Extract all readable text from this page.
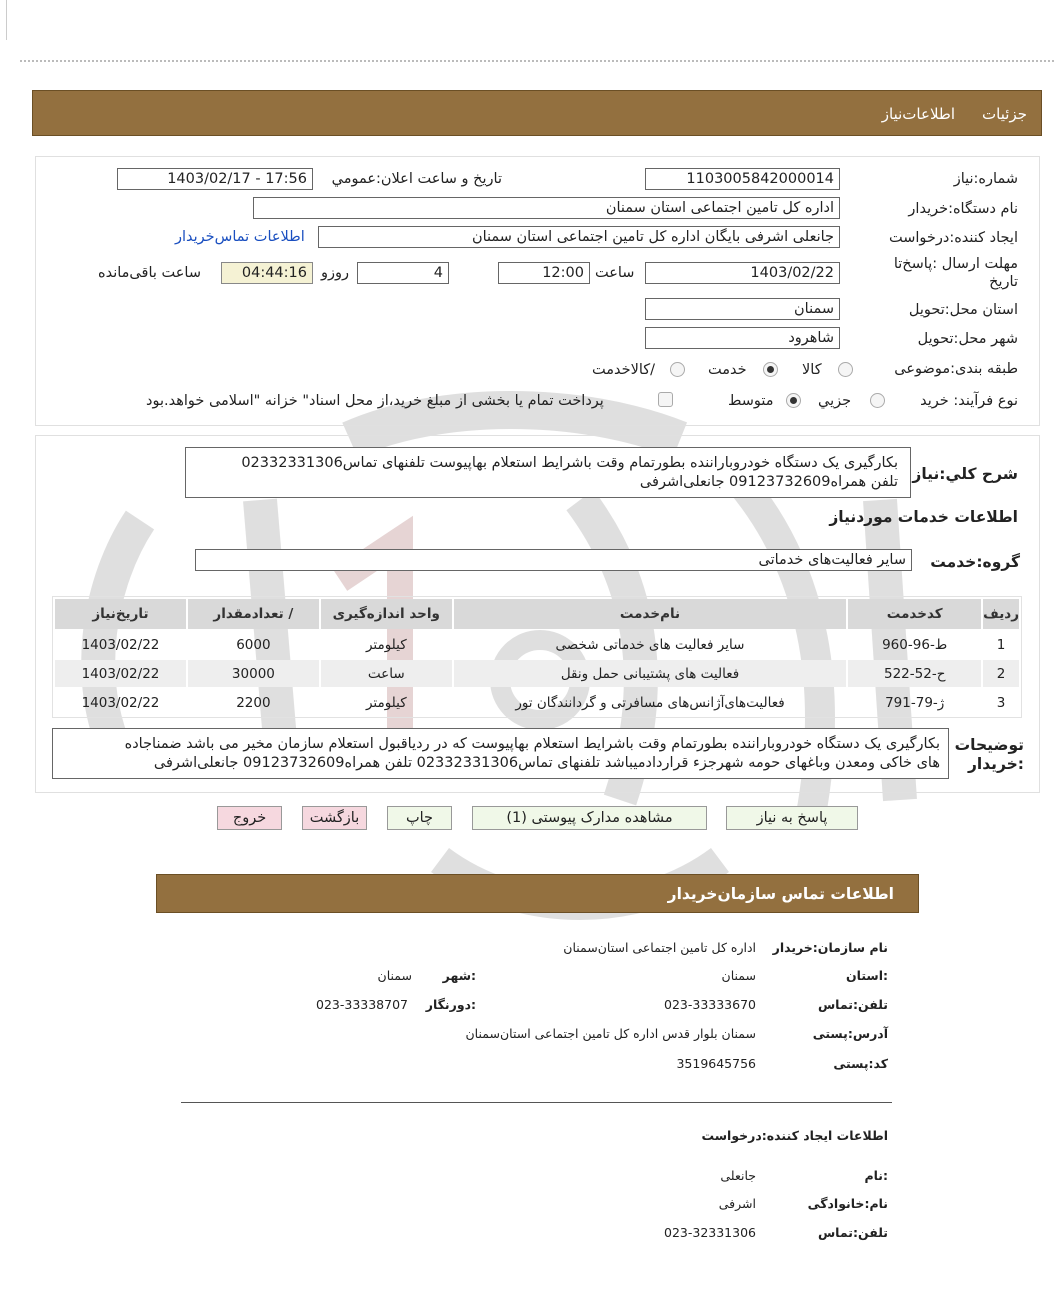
جزئیات
اطلاعات‌نیاز
شماره:نیاز
1103005842000014
تاریخ و ساعت اعلان:عمومي
1403/02/17 - 17:56
نام دستگاه:خریدار
اداره کل تامین اجتماعی استان سمنان
ایجاد کننده:درخواست
جانعلی اشرفی بایگان اداره کل تامین اجتماعی استان سمنان
اطلاعات تماس‌خریدار
مهلت ارسال :پاسخ‌تا
تاریخ
1403/02/22
ساعت
12:00
4
روزو
04:44:16
ساعت باقی‌مانده
استان محل:تحویل
سمنان
شهر محل:تحویل
شاهرود
طبقه بندی:موضوعی
کالا
خدمت
/کالاخدمت
نوع فرآیند: خرید
جزیي
متوسط
پرداخت تمام یا بخشی از مبلغ خرید،از محل اسناد" خزانه "اسلامی خواهد.بود
شرح کلي:نیاز
بکارگیری یک دستگاه خودروباراننده بطورتمام وقت باشرایط استعلام بهاپیوست تلفنهای تماس02332331306
تلفن همراه09123732609 جانعلی‌اشرفی
اطلاعات خدمات موردنیاز
گروه:خدمت
سایر فعالیت‌های خدماتی
ردیف	کدخدمت	نام‌خدمت	واحد اندازه‌گیری	/ تعدادمقدار	تاریخ‌نیاز
1	ط-96-960	سایر فعالیت های خدماتی شخصی	کیلومتر	6000	1403/02/22
2	ح-52-522	فعالیت های پشتیبانی حمل ونقل	ساعت	30000	1403/02/22
3	ژ-79-791	فعالیت‌های‌آژانس‌های مسافرتی و گردانندگان تور	کیلومتر	2200	1403/02/22
توضیحات
:خریدار
بکارگیری یک دستگاه خودروباراننده بطورتمام وقت باشرایط استعلام بهاپیوست که در ردیاقبول استعلام سازمان مخیر می باشد ضمناجاده
های خاکی ومعدن وباغهای حومه شهرجزء قراردادمیباشد تلفنهای تماس02332331306 تلفن همراه09123732609 جانعلی‌اشرفی
پاسخ به نیاز
مشاهده مدارک پیوستی (1)
چاپ
بازگشت
خروج
اطلاعات تماس سازمان‌خریدار
نام سازمان:خریدار
اداره کل تامین اجتماعی استان‌سمنان
:استان
سمنان
:شهر
سمنان
تلفن:تماس
023-33333670
:دورنگار
023-33338707
آدرس:پستی
سمنان بلوار قدس اداره کل تامین اجتماعی استان‌سمنان
کد:پستی
3519645756
اطلاعات ایجاد کننده:درخواست
:نام
جانعلی
نام:خانوادگی
اشرفی
تلفن:تماس
023-32331306
